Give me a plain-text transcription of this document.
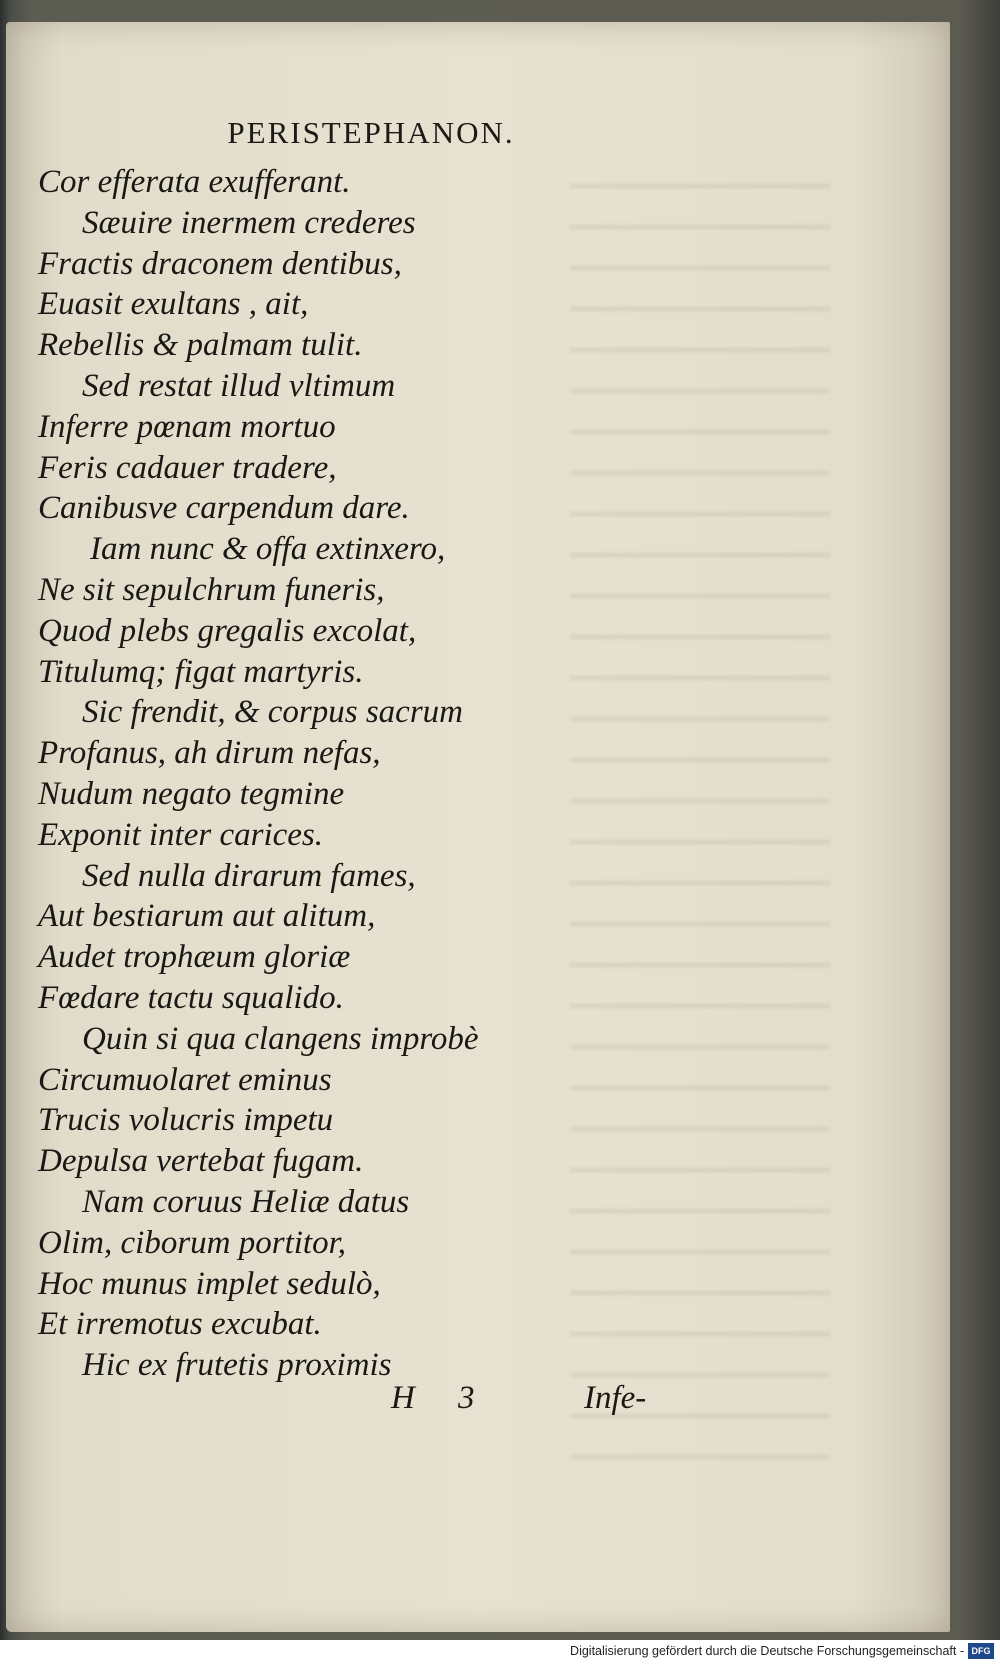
PERISTEPHANON.
Cor efferata exufferant.
Sæuire inermem crederes
Fractis draconem dentibus,
Euasit exultans , ait,
Rebellis & palmam tulit.
Sed restat illud vltimum
Inferre pœnam mortuo
Feris cadauer tradere,
Canibusve carpendum dare.
Iam nunc & offa extinxero,
Ne sit sepulchrum funeris,
Quod plebs gregalis excolat,
Titulumq; figat martyris.
Sic frendit, & corpus sacrum
Profanus, ah dirum nefas,
Nudum negato tegmine
Exponit inter carices.
Sed nulla dirarum fames,
Aut bestiarum aut alitum,
Audet trophæum gloriæ
Fœdare tactu squalido.
Quin si qua clangens improbè
Circumuolaret eminus
Trucis volucris impetu
Depulsa vertebat fugam.
Nam coruus Heliæ datus
Olim, ciborum portitor,
Hoc munus implet sedulò,
Et irremotus excubat.
Hic ex frutetis proximis
H 3	Infe-
Digitalisierung gefördert durch die Deutsche Forschungsgemeinschaft - DFG
